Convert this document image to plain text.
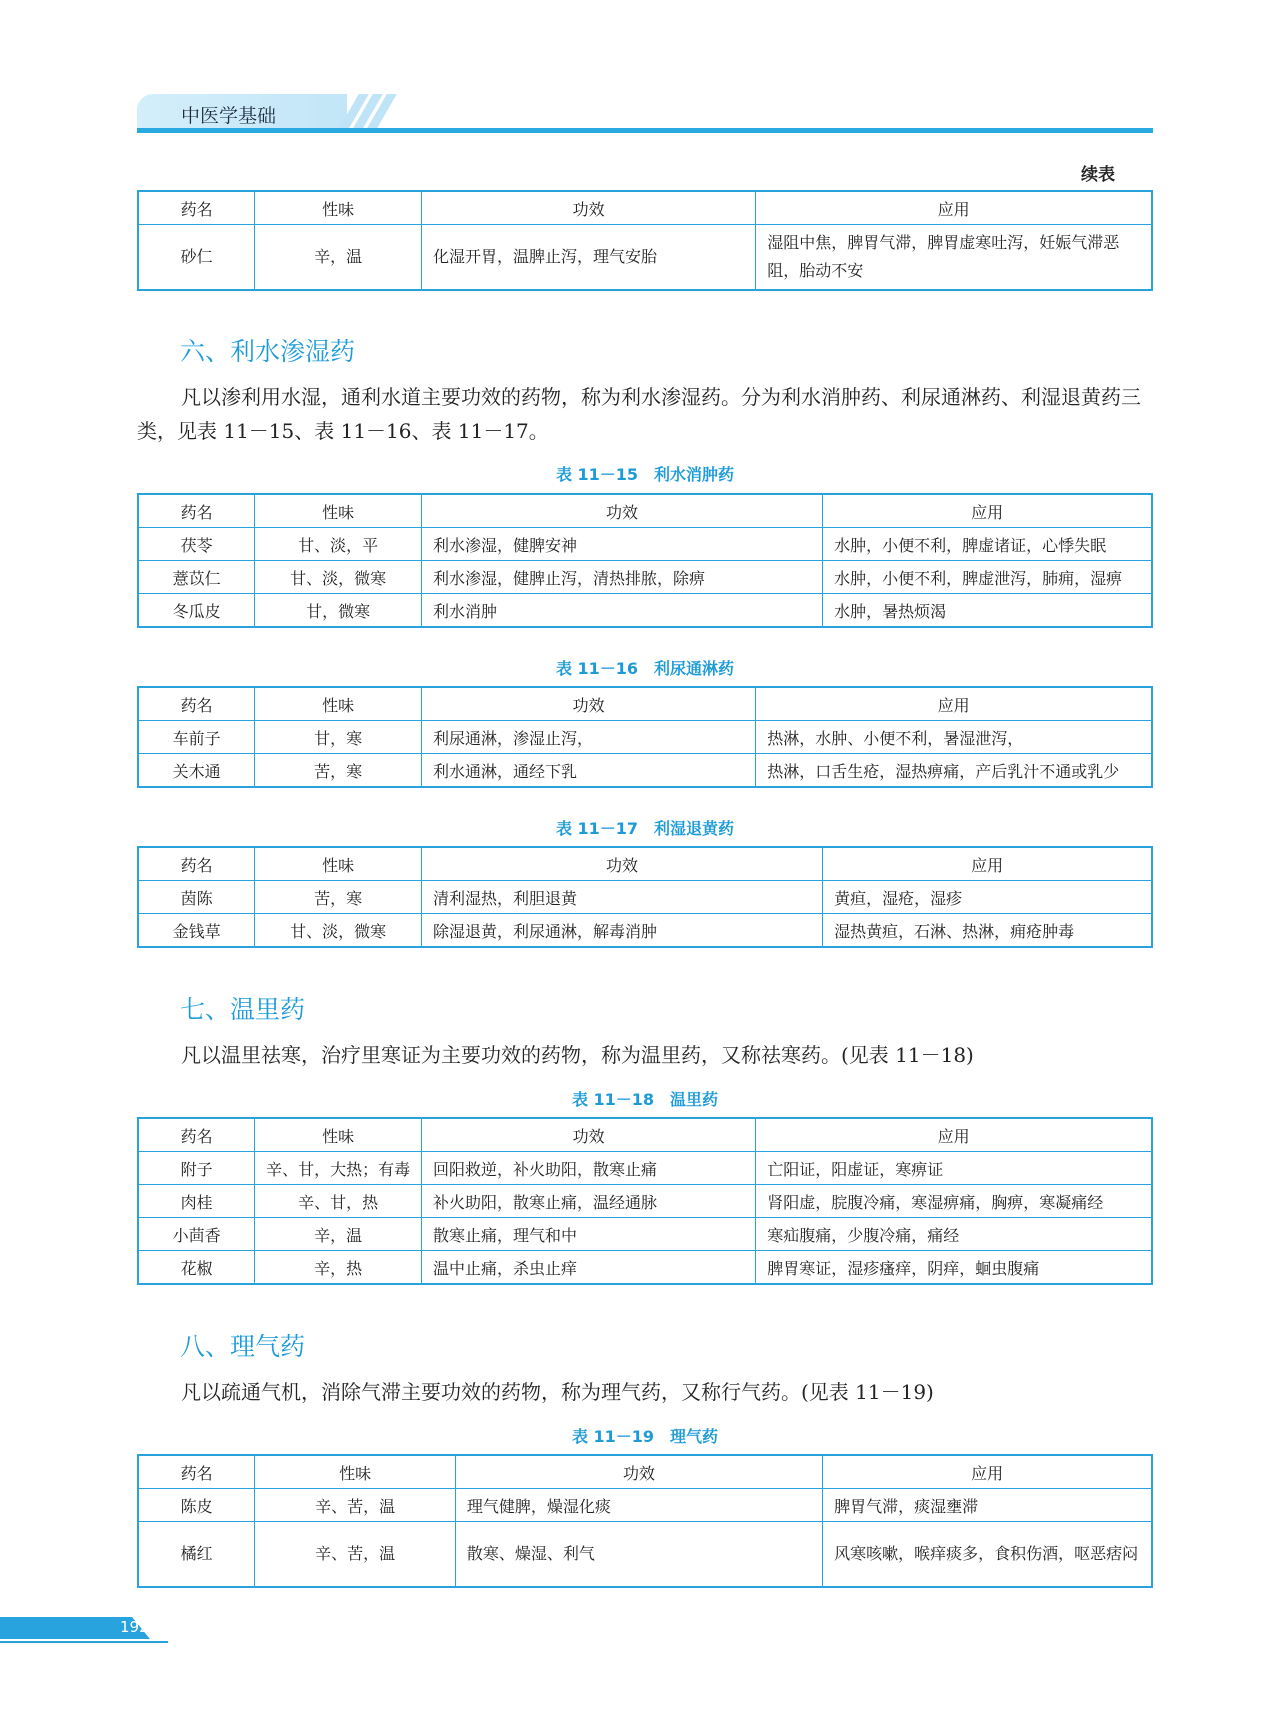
中医学基础
续表
药名	性味	功效	应用
砂仁	辛，温	化湿开胃，温脾止泻，理气安胎	湿阻中焦，脾胃气滞，脾胃虚寒吐泻，妊娠气滞恶阻，胎动不安
六、利水渗湿药
凡以渗利用水湿，通利水道主要功效的药物，称为利水渗湿药。分为利水消肿药、利尿通淋药、利湿退黄药三类，见表 11－15、表 11－16、表 11－17。
表 11－15　利水消肿药
药名	性味	功效	应用
茯苓	甘、淡，平	利水渗湿，健脾安神	水肿，小便不利，脾虚诸证，心悸失眠
薏苡仁	甘、淡，微寒	利水渗湿，健脾止泻，清热排脓，除痹	水肿，小便不利，脾虚泄泻，肺痈，湿痹
冬瓜皮	甘，微寒	利水消肿	水肿，暑热烦渴
表 11－16　利尿通淋药
药名	性味	功效	应用
车前子	甘，寒	利尿通淋，渗湿止泻，	热淋，水肿、小便不利，暑湿泄泻，
关木通	苦，寒	利水通淋，通经下乳	热淋，口舌生疮，湿热痹痛，产后乳汁不通或乳少
表 11－17　利湿退黄药
药名	性味	功效	应用
茵陈	苦，寒	清利湿热，利胆退黄	黄疸，湿疮，湿疹
金钱草	甘、淡，微寒	除湿退黄，利尿通淋，解毒消肿	湿热黄疸，石淋、热淋，痈疮肿毒
七、温里药
凡以温里祛寒，治疗里寒证为主要功效的药物，称为温里药，又称祛寒药。(见表 11－18)
表 11－18　温里药
药名	性味	功效	应用
附子	辛、甘，大热；有毒	回阳救逆，补火助阳，散寒止痛	亡阳证，阳虚证，寒痹证
肉桂	辛、甘，热	补火助阳，散寒止痛，温经通脉	肾阳虚，脘腹冷痛，寒湿痹痛，胸痹，寒凝痛经
小茴香	辛，温	散寒止痛，理气和中	寒疝腹痛，少腹冷痛，痛经
花椒	辛，热	温中止痛，杀虫止痒	脾胃寒证，湿疹瘙痒，阴痒，蛔虫腹痛
八、理气药
凡以疏通气机，消除气滞主要功效的药物，称为理气药，又称行气药。(见表 11－19)
表 11－19　理气药
药名	性味	功效	应用
陈皮	辛、苦，温	理气健脾，燥湿化痰	脾胃气滞，痰湿壅滞
橘红	辛、苦，温	散寒、燥湿、利气	风寒咳嗽，喉痒痰多，食积伤酒，呕恶痞闷
192
